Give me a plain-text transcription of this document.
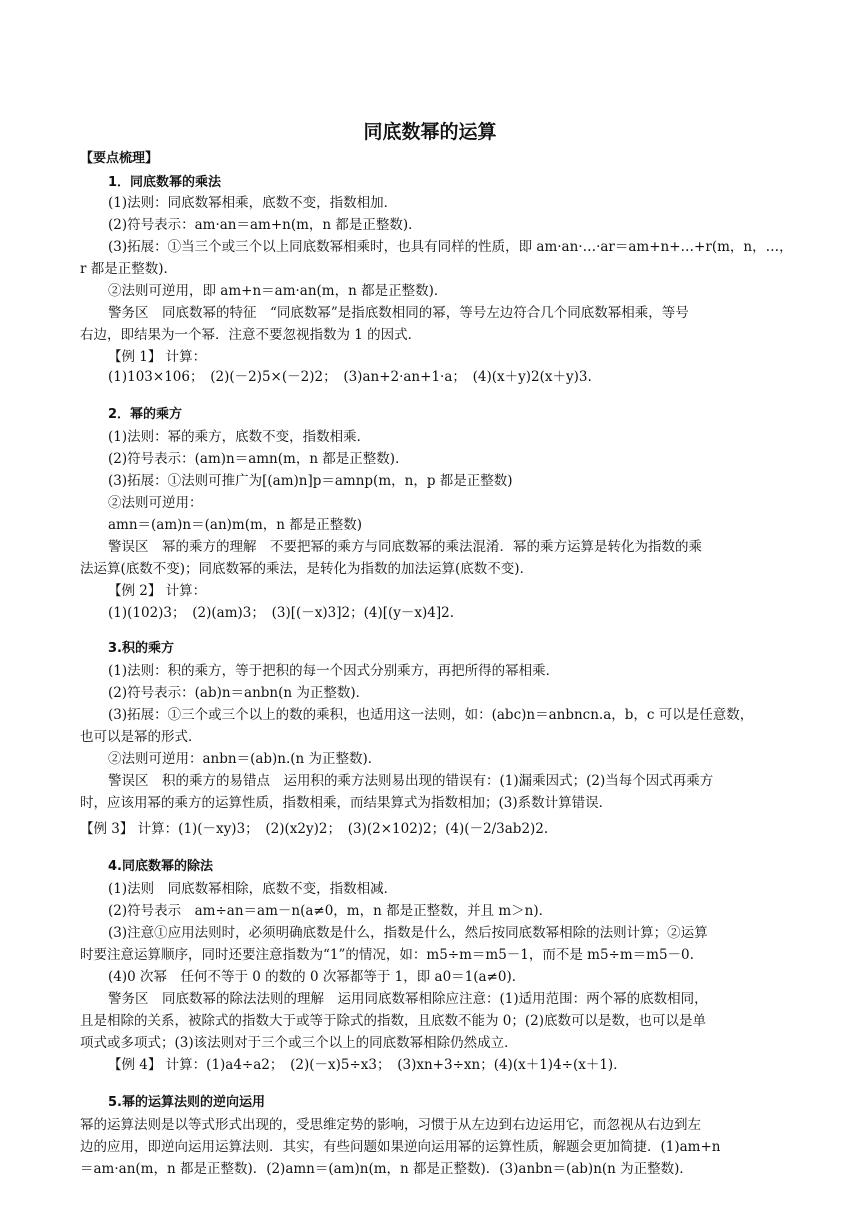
同底数幂的运算
【要点梳理】
1．同底数幂的乘法
(1)法则：同底数幂相乘，底数不变，指数相加．
(2)符号表示：am·an＝am+n(m，n 都是正整数)．
(3)拓展：①当三个或三个以上同底数幂相乘时，也具有同样的性质，即 am·an·…·ar＝am+n+…+r(m，n，…，
r 都是正整数)．
②法则可逆用，即 am+n＝am·an(m，n 都是正整数)．
警务区　同底数幂的特征　“同底数幂”是指底数相同的幂，等号左边符合几个同底数幂相乘，等号
右边，即结果为一个幂．注意不要忽视指数为 1 的因式．
【例 1】 计算：
(1)103×106；　(2)(－2)5×(－2)2；　(3)an+2·an+1·a；　(4)(x＋y)2(x＋y)3.
2．幂的乘方
(1)法则：幂的乘方，底数不变，指数相乘．
(2)符号表示：(am)n＝amn(m，n 都是正整数)．
(3)拓展：①法则可推广为[(am)n]p＝amnp(m，n，p 都是正整数)
②法则可逆用：
amn＝(am)n＝(an)m(m，n 都是正整数)
警误区　幂的乘方的理解　不要把幂的乘方与同底数幂的乘法混淆．幂的乘方运算是转化为指数的乘
法运算(底数不变)；同底数幂的乘法，是转化为指数的加法运算(底数不变)．
【例 2】 计算：
(1)(102)3；　(2)(am)3；　(3)[(－x)3]2；(4)[(y－x)4]2.
3.积的乘方
(1)法则：积的乘方，等于把积的每一个因式分别乘方，再把所得的幂相乘．
(2)符号表示：(ab)n＝anbn(n 为正整数)．
(3)拓展：①三个或三个以上的数的乘积，也适用这一法则，如：(abc)n＝anbncn.a，b，c 可以是任意数，
也可以是幂的形式．
②法则可逆用：anbn＝(ab)n.(n 为正整数)．
警误区　积的乘方的易错点　运用积的乘方法则易出现的错误有：(1)漏乘因式；(2)当每个因式再乘方
时，应该用幂的乘方的运算性质，指数相乘，而结果算式为指数相加；(3)系数计算错误．
【例 3】 计算：(1)(－xy)3；　(2)(x2y)2；　(3)(2×102)2；(4)(－2/3ab2)2.
4.同底数幂的除法
(1)法则　同底数幂相除，底数不变，指数相减．
(2)符号表示　am÷an＝am－n(a≠0，m，n 都是正整数，并且 m＞n)．
(3)注意①应用法则时，必须明确底数是什么，指数是什么，然后按同底数幂相除的法则计算；②运算
时要注意运算顺序，同时还要注意指数为“1”的情况，如：m5÷m＝m5－1，而不是 m5÷m＝m5－0.
(4)0 次幂　任何不等于 0 的数的 0 次幂都等于 1，即 a0＝1(a≠0)．
警务区　同底数幂的除法法则的理解　运用同底数幂相除应注意：(1)适用范围：两个幂的底数相同，
且是相除的关系，被除式的指数大于或等于除式的指数，且底数不能为 0；(2)底数可以是数，也可以是单
项式或多项式；(3)该法则对于三个或三个以上的同底数幂相除仍然成立．
【例 4】 计算：(1)a4÷a2；　(2)(－x)5÷x3；　(3)xn+3÷xn；(4)(x＋1)4÷(x＋1)．
5.幂的运算法则的逆向运用
幂的运算法则是以等式形式出现的，受思维定势的影响，习惯于从左边到右边运用它，而忽视从右边到左
边的应用，即逆向运用运算法则．其实，有些问题如果逆向运用幂的运算性质，解题会更加简捷．(1)am+n
＝am·an(m，n 都是正整数)．(2)amn＝(am)n(m，n 都是正整数)．(3)anbn＝(ab)n(n 为正整数)．
